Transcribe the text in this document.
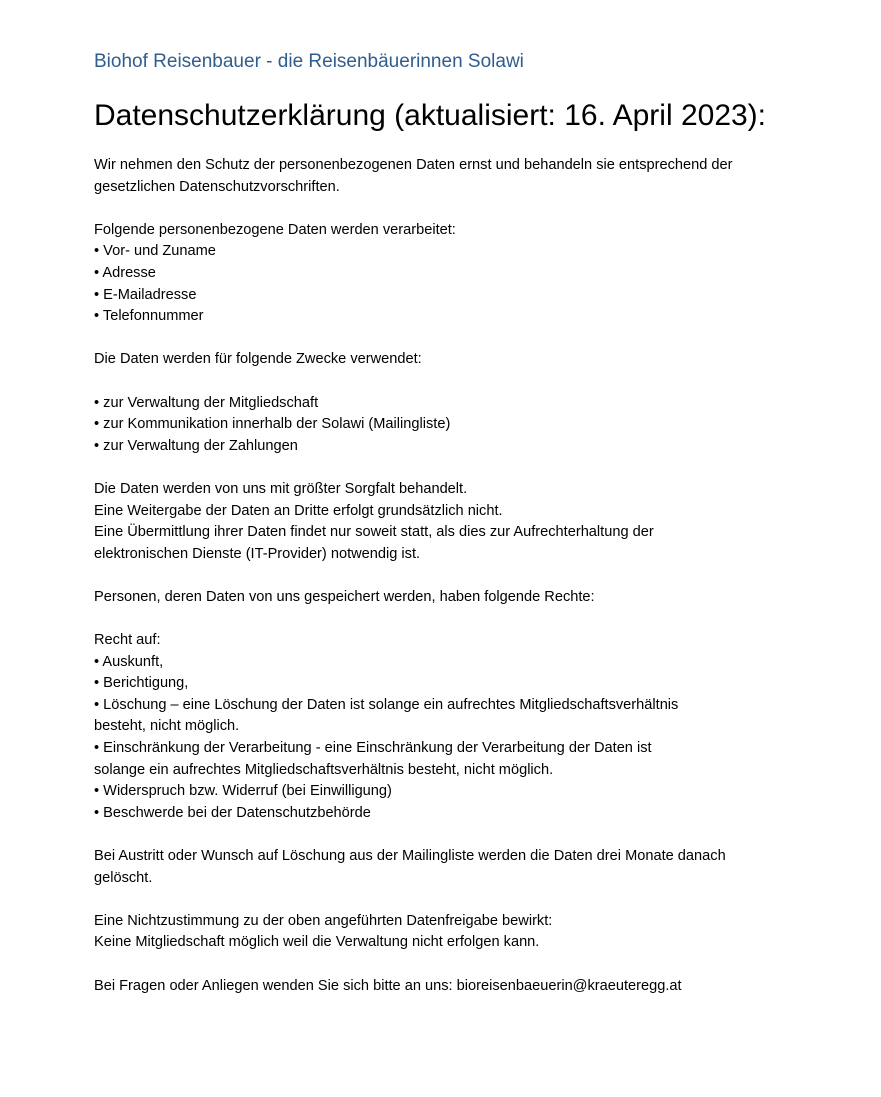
Biohof Reisenbauer - die Reisenbäuerinnen Solawi

Datenschutzerklärung (aktualisiert: 16. April 2023):
Wir nehmen den Schutz der personenbezogenen Daten ernst und behandeln sie entsprechend der
gesetzlichen Datenschutzvorschriften.
Folgende personenbezogene Daten werden verarbeitet:
• Vor- und Zuname
• Adresse
• E-Mailadresse
• Telefonnummer
Die Daten werden für folgende Zwecke verwendet:
• zur Verwaltung der Mitgliedschaft
• zur Kommunikation innerhalb der Solawi (Mailingliste)
• zur Verwaltung der Zahlungen
Die Daten werden von uns mit größter Sorgfalt behandelt.
Eine Weitergabe der Daten an Dritte erfolgt grundsätzlich nicht.
Eine Übermittlung ihrer Daten findet nur soweit statt, als dies zur Aufrechterhaltung der
elektronischen Dienste (IT-Provider) notwendig ist.
Personen, deren Daten von uns gespeichert werden, haben folgende Rechte:
Recht auf:
• Auskunft,
• Berichtigung,
• Löschung – eine Löschung der Daten ist solange ein aufrechtes Mitgliedschaftsverhältnis
besteht, nicht möglich.
• Einschränkung der Verarbeitung - eine Einschränkung der Verarbeitung der Daten ist
solange ein aufrechtes Mitgliedschaftsverhältnis besteht, nicht möglich.
• Widerspruch bzw. Widerruf (bei Einwilligung)
• Beschwerde bei der Datenschutzbehörde
Bei Austritt oder Wunsch auf Löschung aus der Mailingliste werden die Daten drei Monate danach
gelöscht.
Eine Nichtzustimmung zu der oben angeführten Datenfreigabe bewirkt:
Keine Mitgliedschaft möglich weil die Verwaltung nicht erfolgen kann.
Bei Fragen oder Anliegen wenden Sie sich bitte an uns: bioreisenbaeuerin@kraeuteregg.at
